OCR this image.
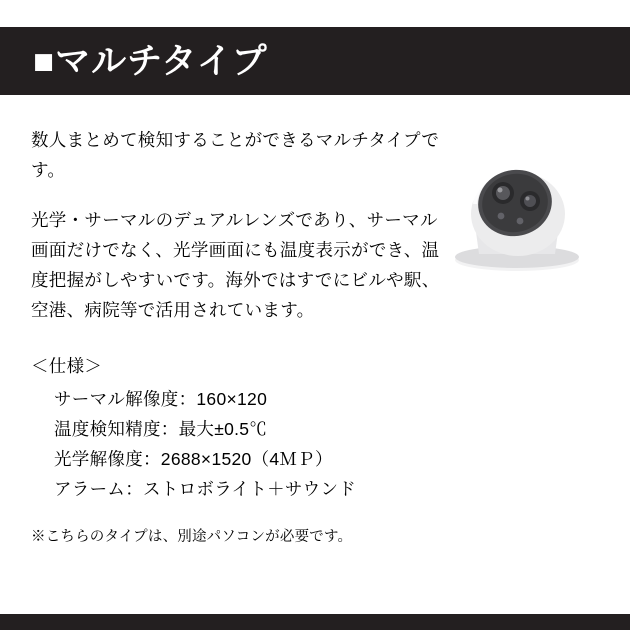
■マルチタイプ

数人まとめて検知することができるマルチタイプです。

光学・サーマルのデュアルレンズであり、サーマル画面だけでなく、光学画面にも温度表示ができ、温度把握がしやすいです。海外ではすでにビルや駅、空港、病院等で活用されています。

＜仕様＞

サーマル解像度：160×120
温度検知精度：最大±0.5℃
光学解像度：2688×1520（4ＭＰ）
アラーム：ストロボライト＋サウンド

※こちらのタイプは、別途パソコンが必要です。
